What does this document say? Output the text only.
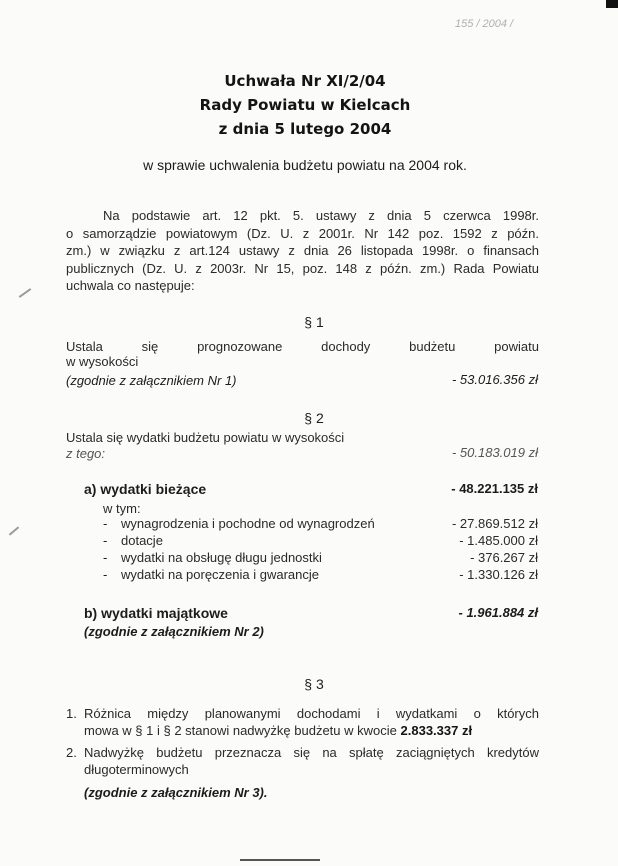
155 / 2004 /
Uchwała Nr XI/2/04
Rady Powiatu w Kielcach
z dnia 5 lutego 2004
w sprawie uchwalenia budżetu powiatu na 2004 rok.
Na podstawie art. 12 pkt. 5. ustawy z dnia 5 czerwca 1998r.
o samorządzie powiatowym (Dz. U. z 2001r. Nr 142 poz. 1592 z późn.
zm.) w związku z art.124 ustawy z dnia 26 listopada 1998r. o finansach
publicznych (Dz. U. z 2003r. Nr 15, poz. 148 z późn. zm.) Rada Powiatu
uchwala co następuje:
§ 1
Ustala się prognozowane dochody budżetu powiatu
w wysokości
(zgodnie z załącznikiem Nr 1)	- 53.016.356 zł
§ 2
Ustala się wydatki budżetu powiatu w wysokości
z tego:	- 50.183.019 zł
a) wydatki bieżące	- 48.221.135 zł
w tym:
- wynagrodzenia i pochodne od wynagrodzeń	- 27.869.512 zł
- dotacje	- 1.485.000 zł
- wydatki na obsługę długu jednostki	- 376.267 zł
- wydatki na poręczenia i gwarancje	- 1.330.126 zł
b) wydatki majątkowe	- 1.961.884 zł
(zgodnie z załącznikiem Nr 2)
§ 3
1. Różnica między planowanymi dochodami i wydatkami o których
mowa w § 1 i § 2 stanowi nadwyżkę budżetu w kwocie 2.833.337 zł
2. Nadwyżkę budżetu przeznacza się na spłatę zaciągniętych kredytów
długoterminowych
(zgodnie z załącznikiem Nr 3).
